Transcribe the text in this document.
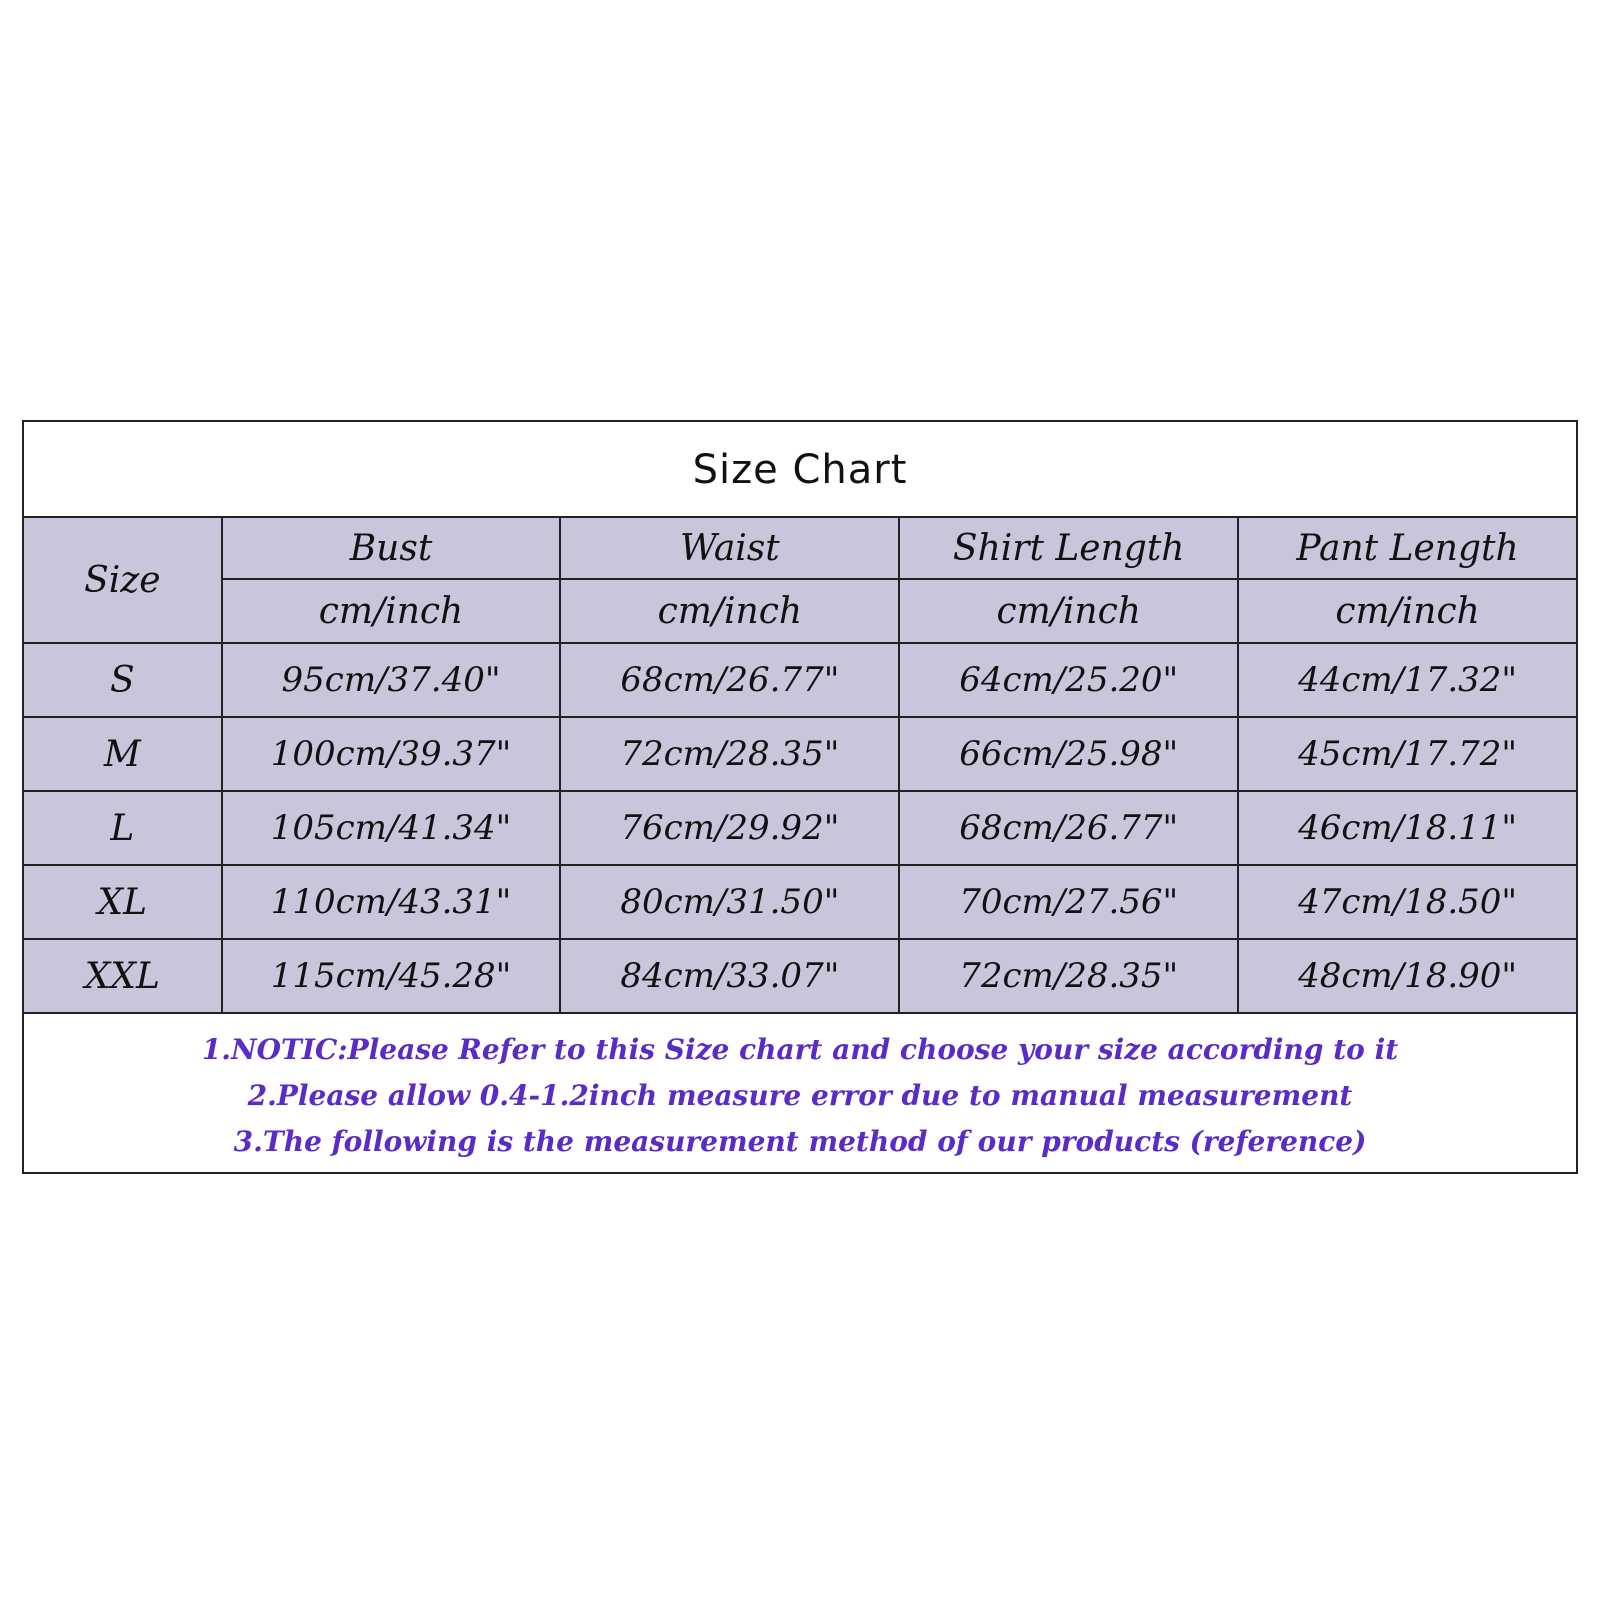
Size Chart
Size	Bust	Waist	Shirt Length	Pant Length
	cm/inch	cm/inch	cm/inch	cm/inch
S	95cm/37.40"	68cm/26.77"	64cm/25.20"	44cm/17.32"
M	100cm/39.37"	72cm/28.35"	66cm/25.98"	45cm/17.72"
L	105cm/41.34"	76cm/29.92"	68cm/26.77"	46cm/18.11"
XL	110cm/43.31"	80cm/31.50"	70cm/27.56"	47cm/18.50"
XXL	115cm/45.28"	84cm/33.07"	72cm/28.35"	48cm/18.90"
1.NOTIC:Please Refer to this Size chart and choose your size according to it
2.Please allow 0.4-1.2inch measure error due to manual measurement
3.The following is the measurement method of our products (reference)
